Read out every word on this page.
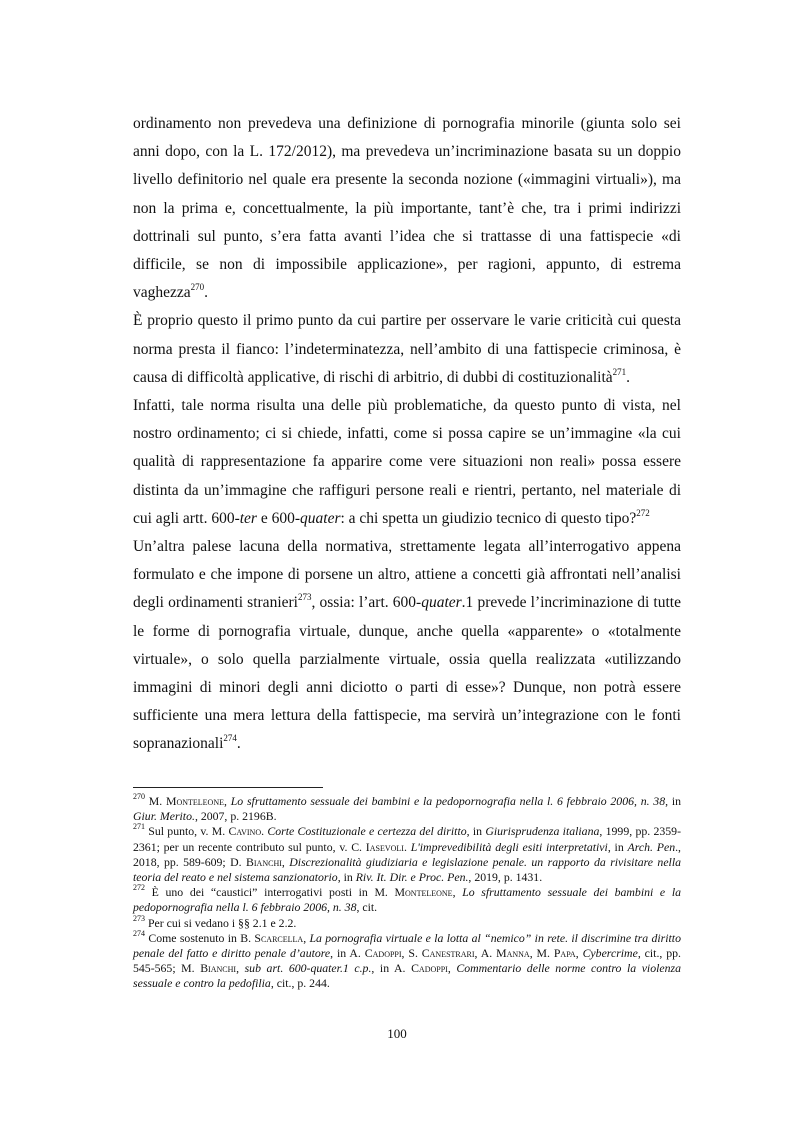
ordinamento non prevedeva una definizione di pornografia minorile (giunta solo sei anni dopo, con la L. 172/2012), ma prevedeva un’incriminazione basata su un doppio livello definitorio nel quale era presente la seconda nozione («immagini virtuali»), ma non la prima e, concettualmente, la più importante, tant’è che, tra i primi indirizzi dottrinali sul punto, s’era fatta avanti l’idea che si trattasse di una fattispecie «di difficile, se non di impossibile applicazione», per ragioni, appunto, di estrema vaghezza$^{270}$.

È proprio questo il primo punto da cui partire per osservare le varie criticità cui questa norma presta il fianco: l’indeterminatezza, nell’ambito di una fattispecie criminosa, è causa di difficoltà applicative, di rischi di arbitrio, di dubbi di costituzionalità$^{271}$.
Infatti, tale norma risulta una delle più problematiche, da questo punto di vista, nel nostro ordinamento; ci si chiede, infatti, come si possa capire se un’immagine «la cui qualità di rappresentazione fa apparire come vere situazioni non reali» possa essere distinta da un’immagine che raffiguri persone reali e rientri, pertanto, nel materiale di cui agli artt. 600-ter e 600-quater: a chi spetta un giudizio tecnico di questo tipo?$^{272}$

Un’altra palese lacuna della normativa, strettamente legata all’interrogativo appena formulato e che impone di porsene un altro, attiene a concetti già affrontati nell’analisi degli ordinamenti stranieri$^{273}$, ossia: l’art. 600-quater.1 prevede l’incriminazione di tutte le forme di pornografia virtuale, dunque, anche quella «apparente» o «totalmente virtuale», o solo quella parzialmente virtuale, ossia quella realizzata «utilizzando immagini di minori degli anni diciotto o parti di esse»? Dunque, non potrà essere sufficiente una mera lettura della fattispecie, ma servirà un’integrazione con le fonti sopranazionali$^{274}$.

$^{270}$ M. Monteleone, Lo sfruttamento sessuale dei bambini e la pedopornografia nella l. 6 febbraio 2006, n. 38, in Giur. Merito., 2007, p. 2196B.

$^{271}$ Sul punto, v. M. Cavino. Corte Costituzionale e certezza del diritto, in Giurisprudenza italiana, 1999, pp. 2359-2361; per un recente contributo sul punto, v. C. Iasevoli. L'imprevedibilità degli esiti interpretativi, in Arch. Pen., 2018, pp. 589-609; D. Bianchi, Discrezionalità giudiziaria e legislazione penale. un rapporto da rivisitare nella teoria del reato e nel sistema sanzionatorio, in Riv. It. Dir. e Proc. Pen., 2019, p. 1431.

$^{272}$ È uno dei “caustici” interrogativi posti in M. Monteleone, Lo sfruttamento sessuale dei bambini e la pedopornografia nella l. 6 febbraio 2006, n. 38, cit.

$^{273}$ Per cui si vedano i §§ 2.1 e 2.2.

$^{274}$ Come sostenuto in B. Scarcella, La pornografia virtuale e la lotta al “nemico” in rete. il discrimine tra diritto penale del fatto e diritto penale d’autore, in A. Cadoppi, S. Canestrari, A. Manna, M. Papa, Cybercrime, cit., pp. 545-565; M. Bianchi, sub art. 600-quater.1 c.p., in A. Cadoppi, Commentario delle norme contro la violenza sessuale e contro la pedofilia, cit., p. 244.

100
